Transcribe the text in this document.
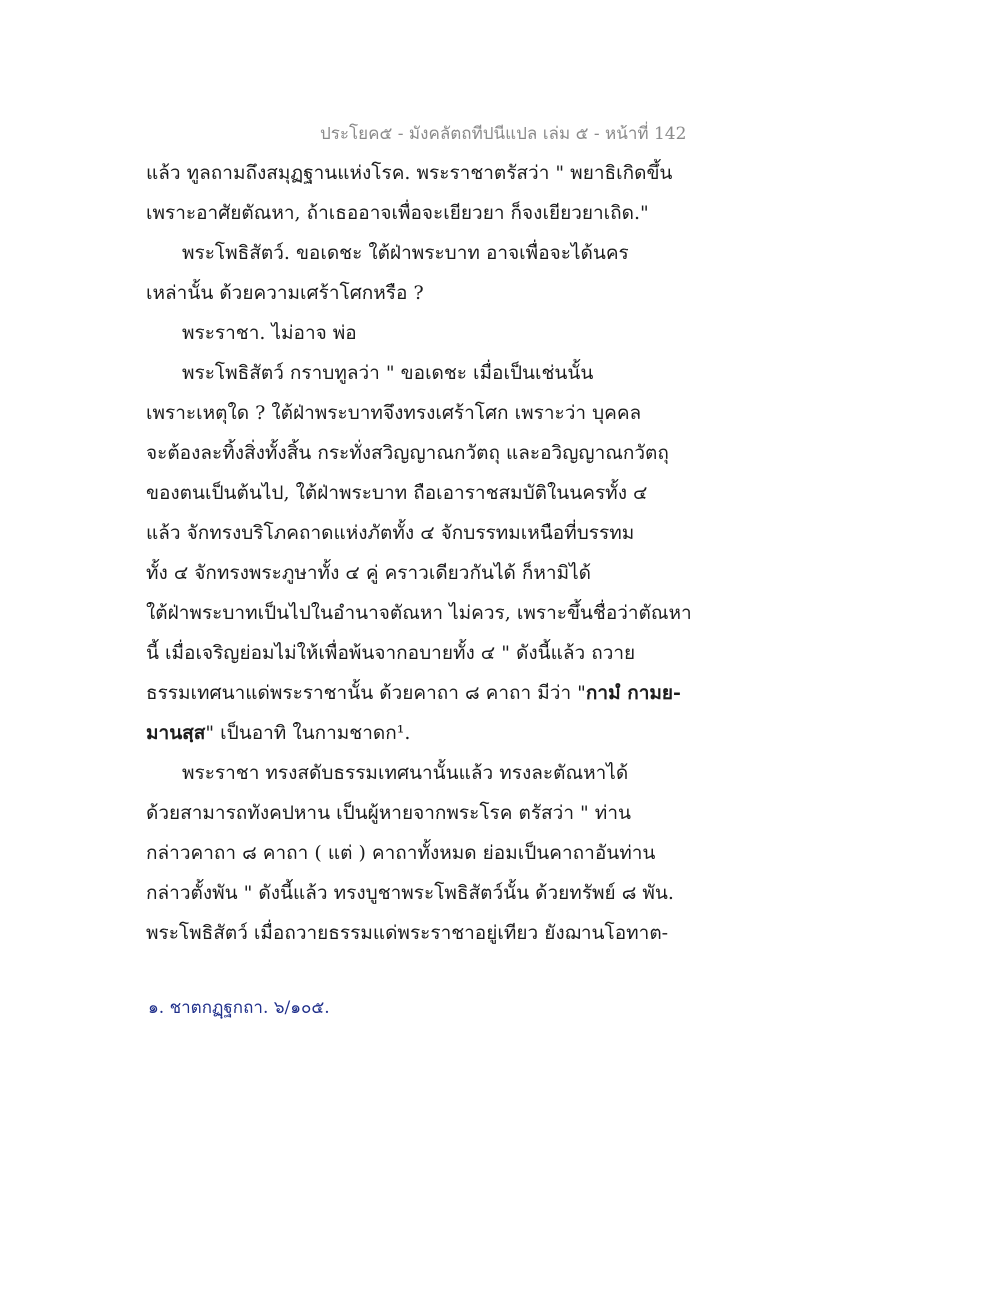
ประโยค๕ - มังคลัตถทีปนีแปล เล่ม ๕ - หน้าที่ 142
แล้ว ทูลถามถึงสมุฏฐานแห่งโรค. พระราชาตรัสว่า " พยาธิเกิดขึ้น
เพราะอาศัยตัณหา, ถ้าเธออาจเพื่อจะเยียวยา ก็จงเยียวยาเถิด."
พระโพธิสัตว์. ขอเดชะ ใต้ฝ่าพระบาท อาจเพื่อจะได้นคร
เหล่านั้น ด้วยความเศร้าโศกหรือ ?
พระราชา. ไม่อาจ พ่อ
พระโพธิสัตว์ กราบทูลว่า " ขอเดชะ เมื่อเป็นเช่นนั้น
เพราะเหตุใด ? ใต้ฝ่าพระบาทจึงทรงเศร้าโศก เพราะว่า บุคคล
จะต้องละทิ้งสิ่งทั้งสิ้น กระทั่งสวิญญาณกวัตถุ และอวิญญาณกวัตถุ
ของตนเป็นต้นไป, ใต้ฝ่าพระบาท ถือเอาราชสมบัติในนครทั้ง ๔
แล้ว จักทรงบริโภคถาดแห่งภัตทั้ง ๔ จักบรรทมเหนือที่บรรทม
ทั้ง ๔ จักทรงพระภูษาทั้ง ๔ คู่ คราวเดียวกันได้ ก็หามิได้
ใต้ฝ่าพระบาทเป็นไปในอำนาจตัณหา ไม่ควร, เพราะขึ้นชื่อว่าตัณหา
นี้ เมื่อเจริญย่อมไม่ให้เพื่อพ้นจากอบายทั้ง ๔ " ดังนี้แล้ว ถวาย
ธรรมเทศนาแด่พระราชานั้น ด้วยคาถา ๘ คาถา มีว่า "กามํ กามย-
มานสฺส" เป็นอาทิ ในกามชาดก¹.
พระราชา ทรงสดับธรรมเทศนานั้นแล้ว ทรงละตัณหาได้
ด้วยสามารถทังคปหาน เป็นผู้หายจากพระโรค ตรัสว่า " ท่าน
กล่าวคาถา ๘ คาถา ( แต่ ) คาถาทั้งหมด ย่อมเป็นคาถาอันท่าน
กล่าวตั้งพัน " ดังนี้แล้ว ทรงบูชาพระโพธิสัตว์นั้น ด้วยทรัพย์ ๘ พัน.
พระโพธิสัตว์ เมื่อถวายธรรมแด่พระราชาอยู่เทียว ยังฌานโอทาต-
๑. ชาตกฏฺฐกถา. ๖/๑๐๕.
